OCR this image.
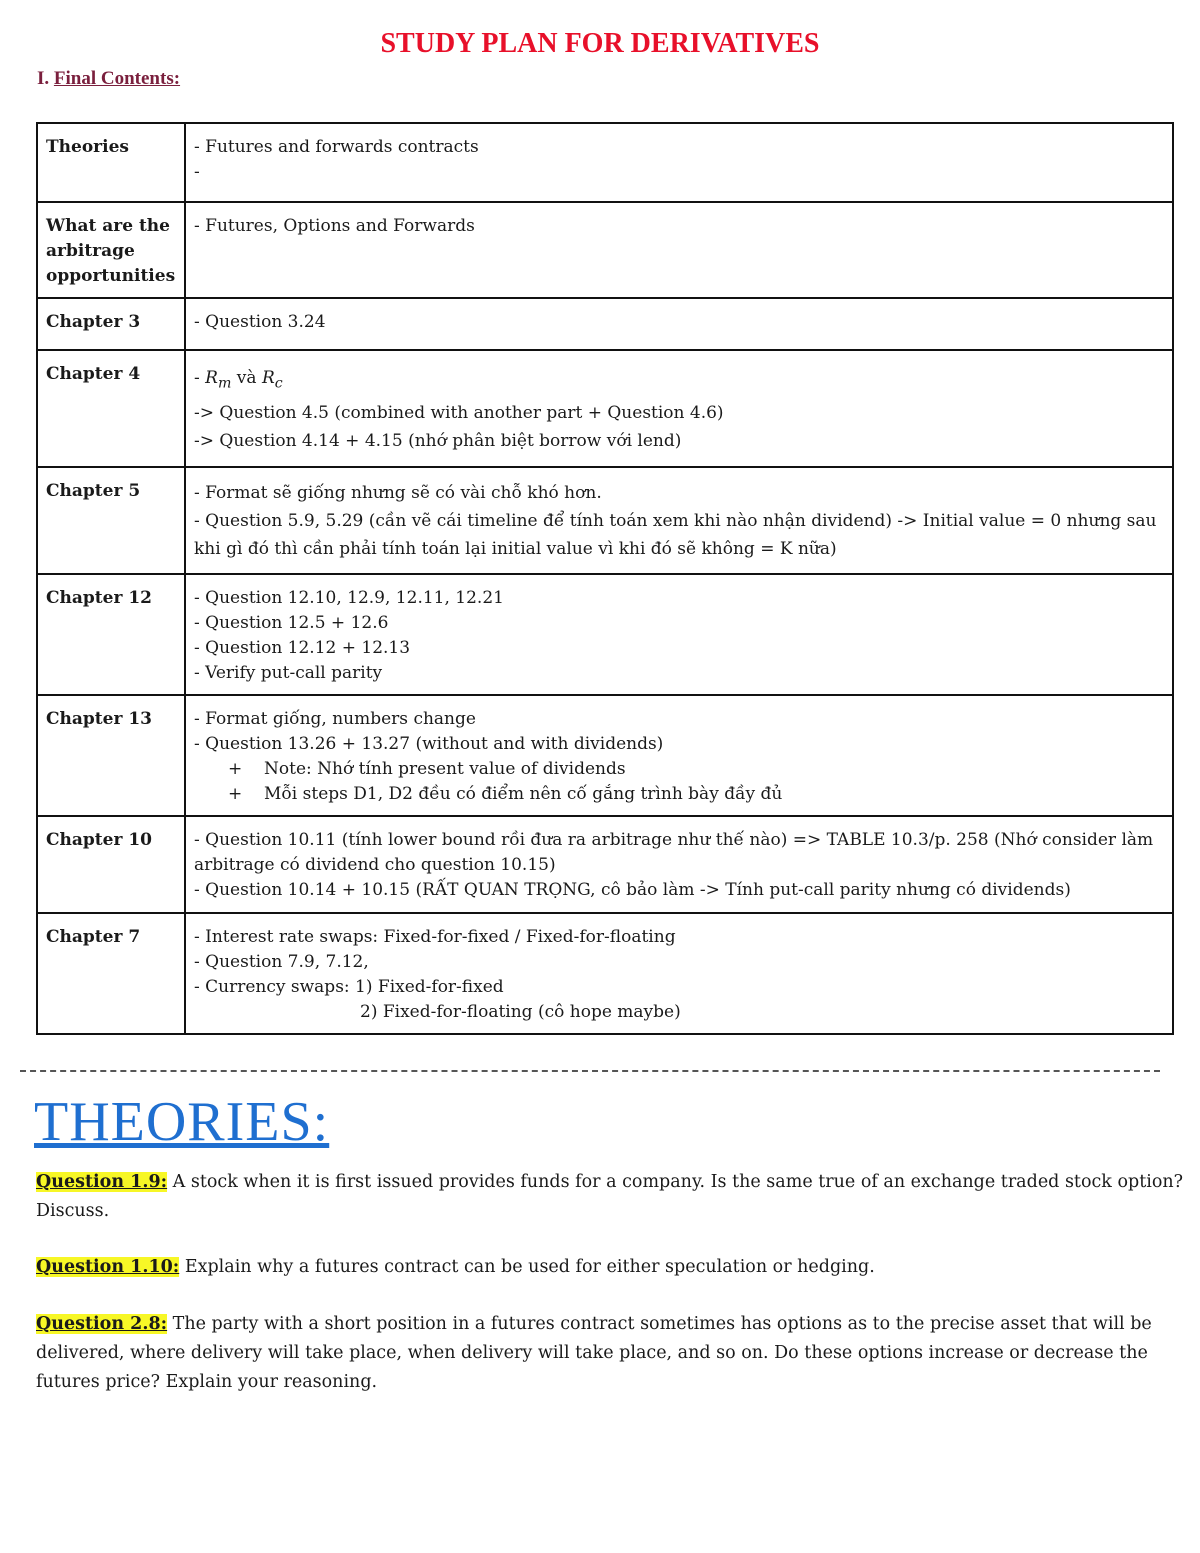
STUDY PLAN FOR DERIVATIVES
I. Final Contents:
Theories	- Futures and forwards contracts
-

What are the arbitrage opportunities	- Futures, Options and Forwards

Chapter 3	- Question 3.24

Chapter 4	- $R_m$ và $R_c$
-> Question 4.5 (combined with another part + Question 4.6)
-> Question 4.14 + 4.15 (nhớ phân biệt borrow với lend)

Chapter 5	- Format sẽ giống nhưng sẽ có vài chỗ khó hơn.
- Question 5.9, 5.29 (cần vẽ cái timeline để tính toán xem khi nào nhận dividend) -> Initial value = 0 nhưng sau khi gì đó thì cần phải tính toán lại initial value vì khi đó sẽ không = K nữa)

Chapter 12	- Question 12.10, 12.9, 12.11, 12.21
- Question 12.5 + 12.6
- Question 12.12 + 12.13
- Verify put-call parity

Chapter 13	- Format giống, numbers change
- Question 13.26 + 13.27 (without and with dividends)
+ Note: Nhớ tính present value of dividends
+ Mỗi steps D1, D2 đều có điểm nên cố gắng trình bày đầy đủ

Chapter 10	- Question 10.11 (tính lower bound rồi đưa ra arbitrage như thế nào) => TABLE 10.3/p. 258 (Nhớ consider làm arbitrage có dividend cho question 10.15)
- Question 10.14 + 10.15 (RẤT QUAN TRỌNG, cô bảo làm -> Tính put-call parity nhưng có dividends)

Chapter 7	- Interest rate swaps: Fixed-for-fixed / Fixed-for-floating
- Question 7.9, 7.12,
- Currency swaps: 1) Fixed-for-fixed
2) Fixed-for-floating (cô hope maybe)
THEORIES:
Question 1.9: A stock when it is first issued provides funds for a company. Is the same true of an exchange traded stock option? Discuss.
Question 1.10: Explain why a futures contract can be used for either speculation or hedging.
Question 2.8: The party with a short position in a futures contract sometimes has options as to the precise asset that will be delivered, where delivery will take place, when delivery will take place, and so on. Do these options increase or decrease the futures price? Explain your reasoning.
